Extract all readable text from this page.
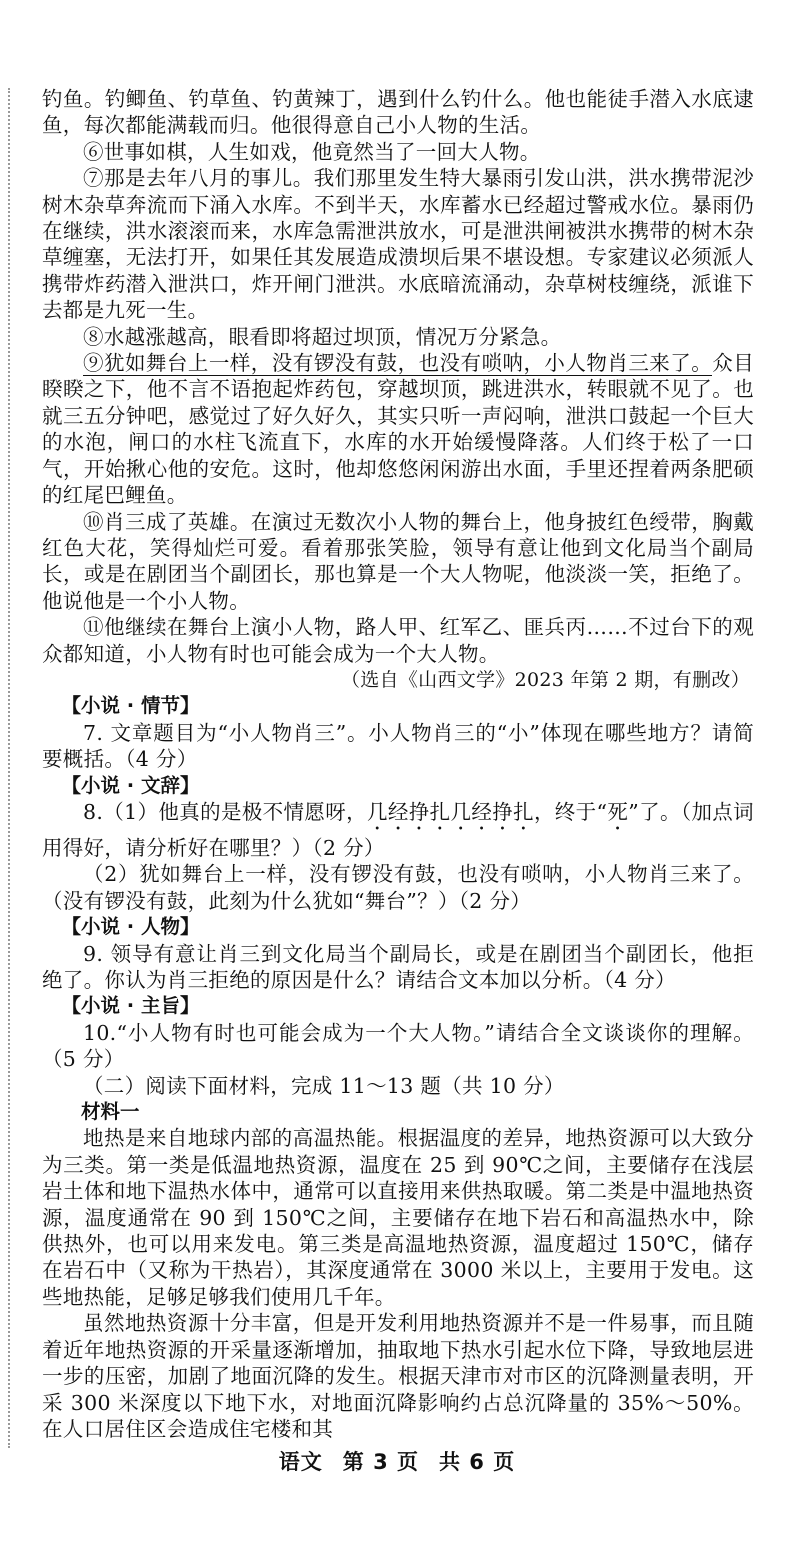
钓鱼。钓鲫鱼、钓草鱼、钓黄辣丁，遇到什么钓什么。他也能徒手潜入水底逮鱼，每次都能满载而归。他很得意自己小人物的生活。

⑥世事如棋，人生如戏，他竟然当了一回大人物。

⑦那是去年八月的事儿。我们那里发生特大暴雨引发山洪，洪水携带泥沙树木杂草奔流而下涌入水库。不到半天，水库蓄水已经超过警戒水位。暴雨仍在继续，洪水滚滚而来，水库急需泄洪放水，可是泄洪闸被洪水携带的树木杂草缠塞，无法打开，如果任其发展造成溃坝后果不堪设想。专家建议必须派人携带炸药潜入泄洪口，炸开闸门泄洪。水底暗流涌动，杂草树枝缠绕，派谁下去都是九死一生。

⑧水越涨越高，眼看即将超过坝顶，情况万分紧急。

⑨犹如舞台上一样，没有锣没有鼓，也没有唢呐，小人物肖三来了。众目睽睽之下，他不言不语抱起炸药包，穿越坝顶，跳进洪水，转眼就不见了。也就三五分钟吧，感觉过了好久好久，其实只听一声闷响，泄洪口鼓起一个巨大的水泡，闸口的水柱飞流直下，水库的水开始缓慢降落。人们终于松了一口气，开始揪心他的安危。这时，他却悠悠闲闲游出水面，手里还捏着两条肥硕的红尾巴鲤鱼。

⑩肖三成了英雄。在演过无数次小人物的舞台上，他身披红色绶带，胸戴红色大花，笑得灿烂可爱。看着那张笑脸，领导有意让他到文化局当个副局长，或是在剧团当个副团长，那也算是一个大人物呢，他淡淡一笑，拒绝了。他说他是一个小人物。

⑪他继续在舞台上演小人物，路人甲、红军乙、匪兵丙……不过台下的观众都知道，小人物有时也可能会成为一个大人物。

（选自《山西文学》2023 年第 2 期，有删改）

【小说 · 情节】

7. 文章题目为“小人物肖三”。小人物肖三的“小”体现在哪些地方？请简要概括。（4 分）

【小说 · 文辞】

8.（1）他真的是极不情愿呀，几经挣扎几经挣扎，终于“死”了。（加点词用得好，请分析好在哪里？）（2 分）

（2）犹如舞台上一样，没有锣没有鼓，也没有唢呐，小人物肖三来了。（没有锣没有鼓，此刻为什么犹如“舞台”？）（2 分）

【小说 · 人物】

9. 领导有意让肖三到文化局当个副局长，或是在剧团当个副团长，他拒绝了。你认为肖三拒绝的原因是什么？请结合文本加以分析。（4 分）

【小说 · 主旨】

10.“小人物有时也可能会成为一个大人物。”请结合全文谈谈你的理解。（5 分）

（二）阅读下面材料，完成 11～13 题（共 10 分）

材料一

地热是来自地球内部的高温热能。根据温度的差异，地热资源可以大致分为三类。第一类是低温地热资源，温度在 25 到 90℃之间，主要储存在浅层岩土体和地下温热水体中，通常可以直接用来供热取暖。第二类是中温地热资源，温度通常在 90 到 150℃之间，主要储存在地下岩石和高温热水中，除供热外，也可以用来发电。第三类是高温地热资源，温度超过 150℃，储存在岩石中（又称为干热岩），其深度通常在 3000 米以上，主要用于发电。这些地热能，足够足够我们使用几千年。

虽然地热资源十分丰富，但是开发利用地热资源并不是一件易事，而且随着近年地热资源的开采量逐渐增加，抽取地下热水引起水位下降，导致地层进一步的压密，加剧了地面沉降的发生。根据天津市对市区的沉降测量表明，开采 300 米深度以下地下水，对地面沉降影响约占总沉降量的 35%～50%。在人口居住区会造成住宅楼和其

语文 第 3 页 共 6 页
